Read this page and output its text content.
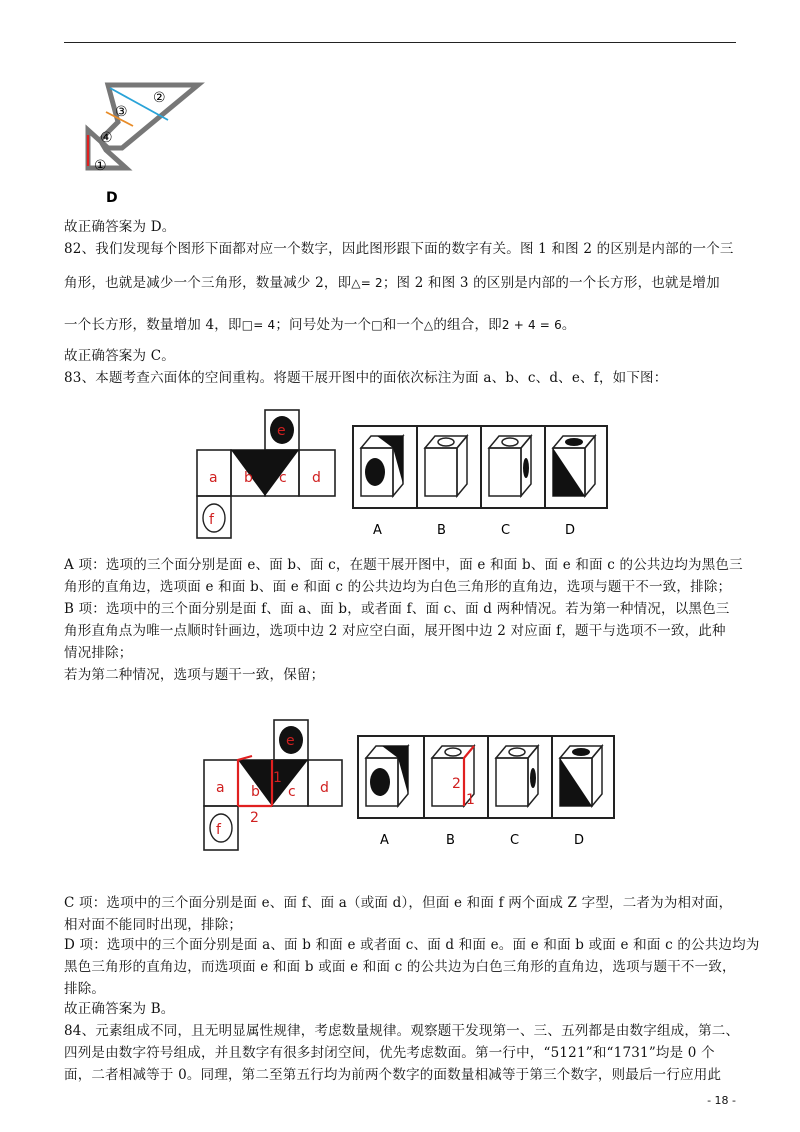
②
③
④
①
D
故正确答案为 D。
82、我们发现每个图形下面都对应一个数字，因此图形跟下面的数字有关。图 1 和图 2 的区别是内部的一个三
角形，也就是减少一个三角形，数量减少 2，即△= 2；图 2 和图 3 的区别是内部的一个长方形，也就是增加
一个长方形，数量增加 4，即□= 4；问号处为一个□和一个△的组合，即2 + 4 = 6。
故正确答案为 C。
83、本题考查六面体的空间重构。将题干展开图中的面依次标注为面 a、b、c、d、e、f，如下图：
e
a b c d
f
A	B	C	D
A 项：选项的三个面分别是面 e、面 b、面 c，在题干展开图中，面 e 和面 b、面 e 和面 c 的公共边均为黑色三
角形的直角边，选项面 e 和面 b、面 e 和面 c 的公共边均为白色三角形的直角边，选项与题干不一致，排除；
B 项：选项中的三个面分别是面 f、面 a、面 b，或者面 f、面 c、面 d 两种情况。若为第一种情况，以黑色三
角形直角点为唯一点顺时针画边，选项中边 2 对应空白面，展开图中边 2 对应面 f，题干与选项不一致，此种
情况排除；
若为第二种情况，选项与题干一致，保留；
e
a b
1
c d
2
f
2
1
A	B	C	D
C 项：选项中的三个面分别是面 e、面 f、面 a（或面 d），但面 e 和面 f 两个面成 Z 字型，二者为为相对面，
相对面不能同时出现，排除；
D 项：选项中的三个面分别是面 a、面 b 和面 e 或者面 c、面 d 和面 e。面 e 和面 b 或面 e 和面 c 的公共边均为
黑色三角形的直角边，而选项面 e 和面 b 或面 e 和面 c 的公共边为白色三角形的直角边，选项与题干不一致，
排除。
故正确答案为 B。
84、元素组成不同，且无明显属性规律，考虑数量规律。观察题干发现第一、三、五列都是由数字组成，第二、
四列是由数字符号组成，并且数字有很多封闭空间，优先考虑数面。第一行中，“5121”和“1731”均是 0 个
面，二者相减等于 0。同理，第二至第五行均为前两个数字的面数量相减等于第三个数字，则最后一行应用此
- 18 -
